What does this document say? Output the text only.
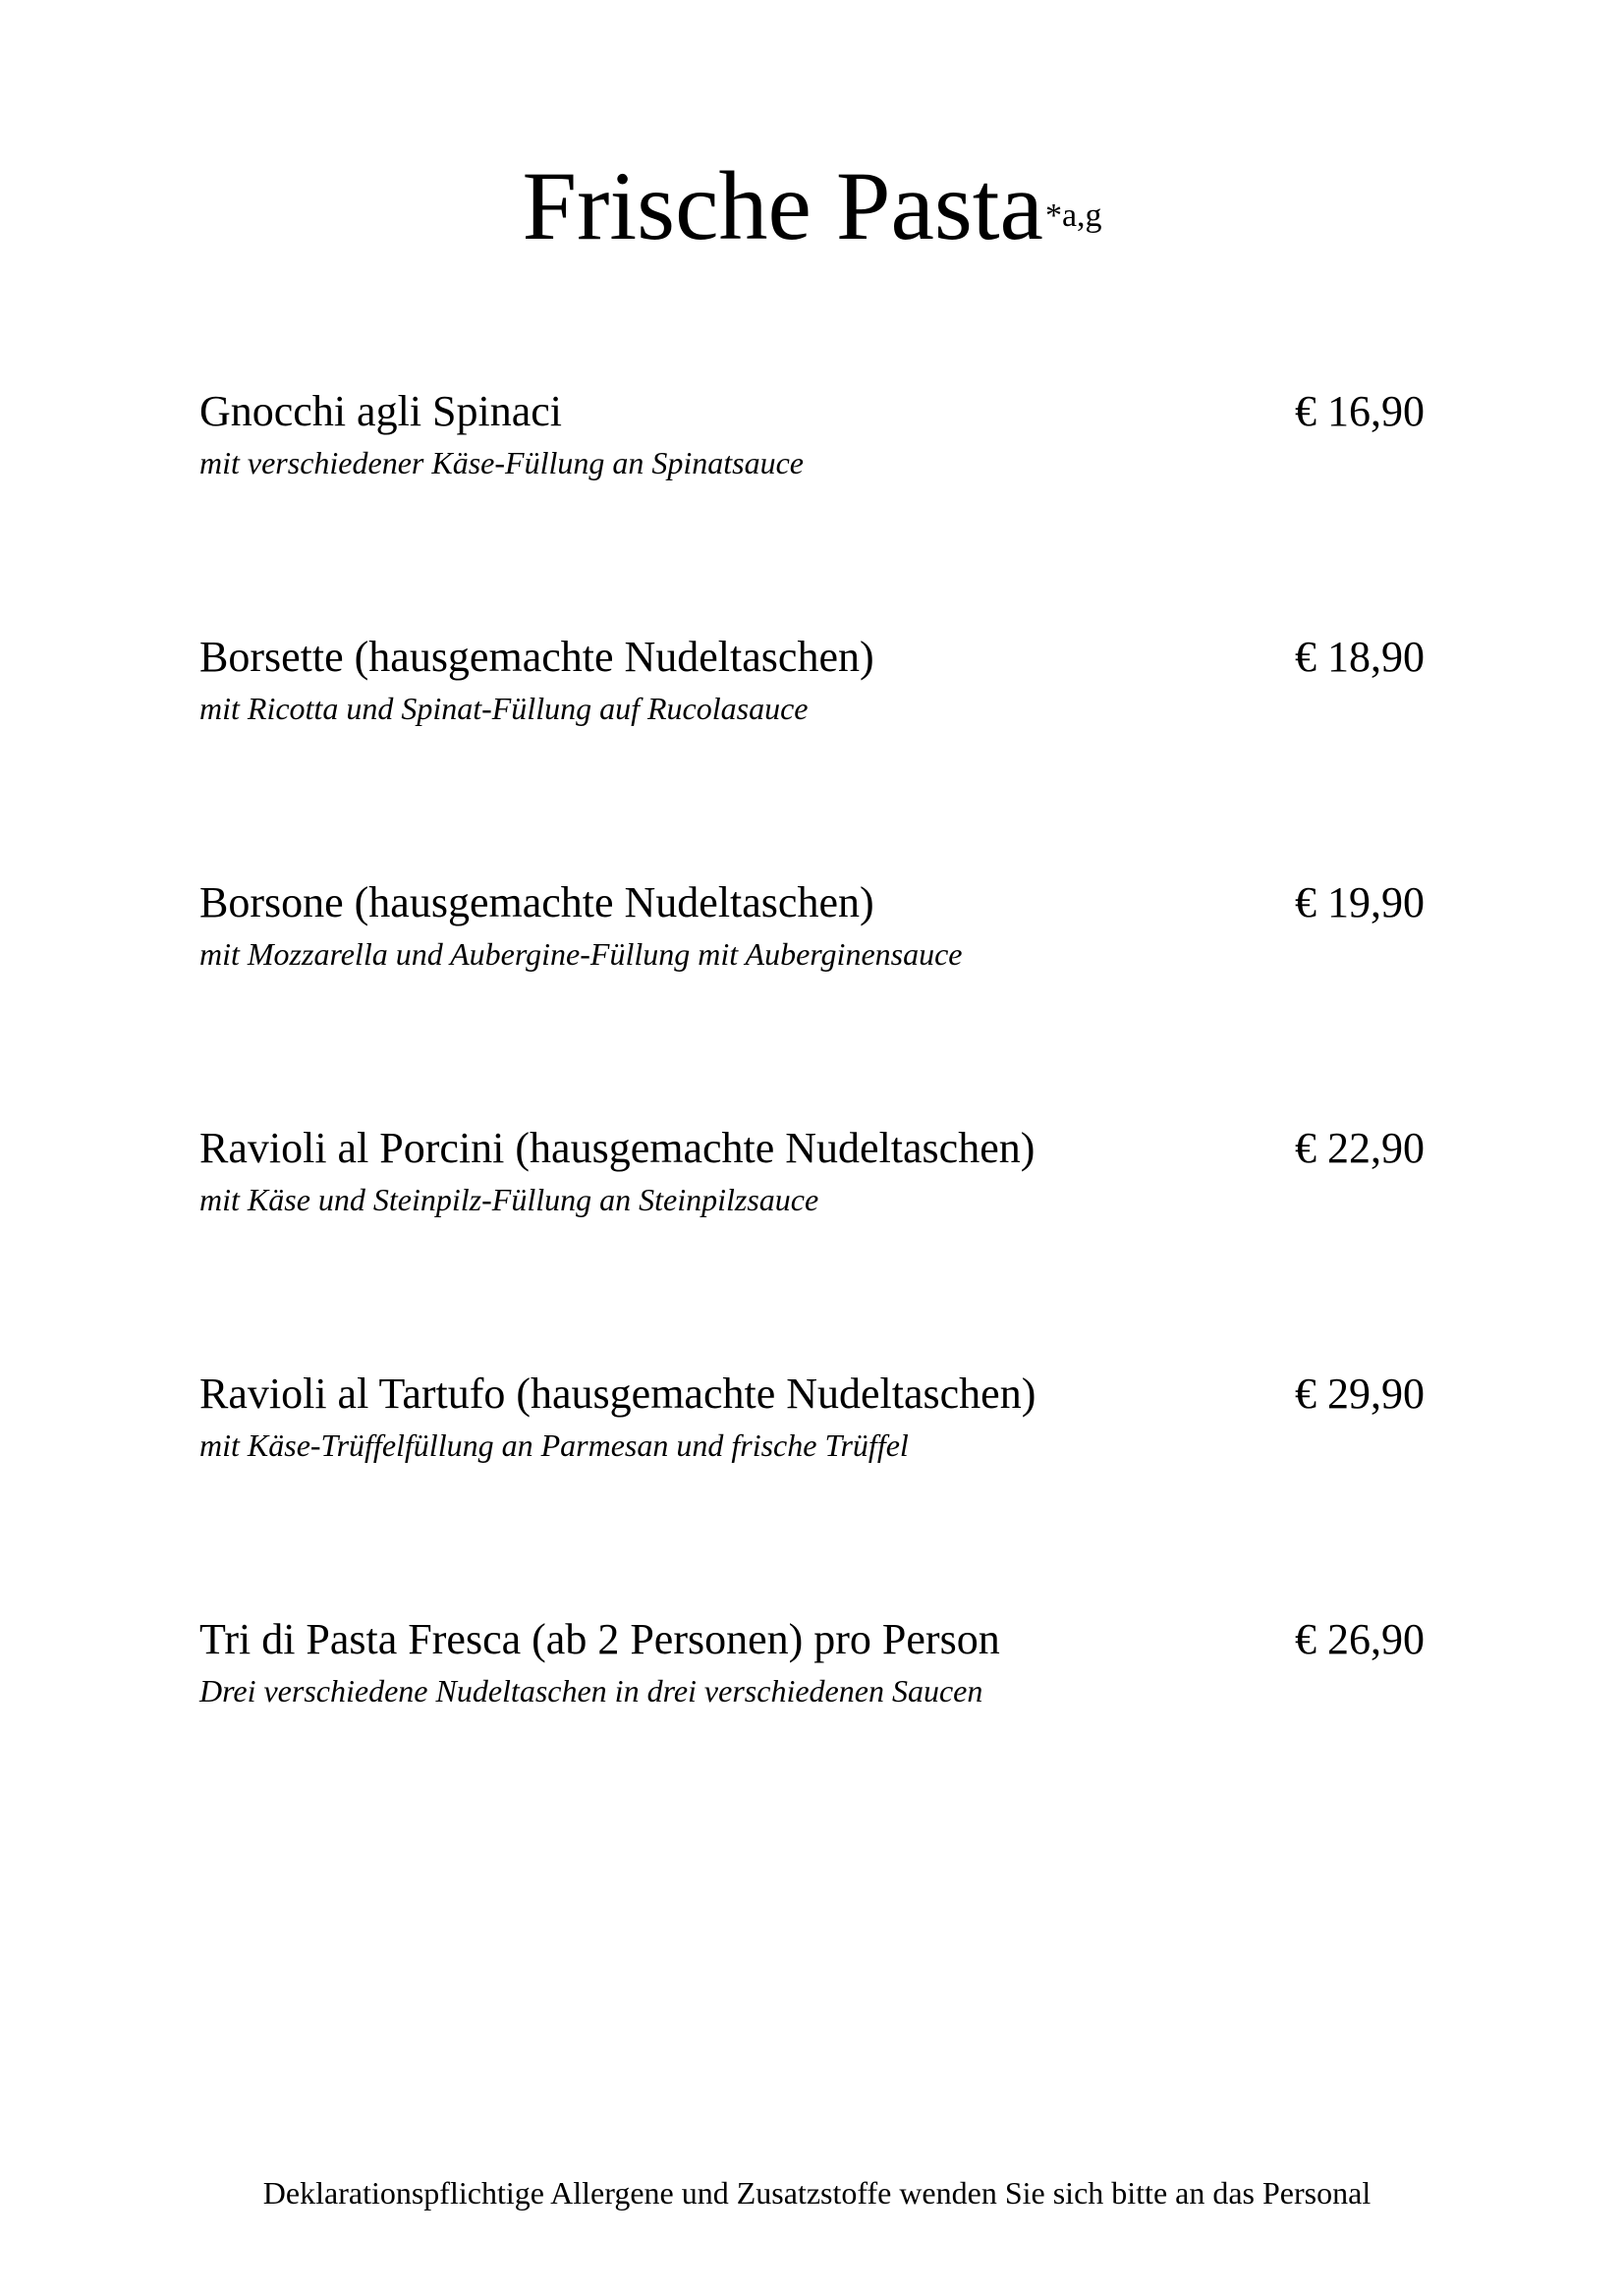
Frische Pasta$^{*a,g}$
Gnocchi agli Spinaci	€ 16,90
mit verschiedener Käse-Füllung an Spinatsauce
Borsette (hausgemachte Nudeltaschen)	€ 18,90
mit Ricotta und Spinat-Füllung auf Rucolasauce
Borsone (hausgemachte Nudeltaschen)	€ 19,90
mit Mozzarella und Aubergine-Füllung mit Auberginensauce
Ravioli al Porcini (hausgemachte Nudeltaschen)	€ 22,90
mit Käse und Steinpilz-Füllung an Steinpilzsauce
Ravioli al Tartufo (hausgemachte Nudeltaschen)	€ 29,90
mit Käse-Trüffelfüllung an Parmesan und frische Trüffel
Tri di Pasta Fresca (ab 2 Personen) pro Person	€ 26,90
Drei verschiedene Nudeltaschen in drei verschiedenen Saucen
Deklarationspflichtige Allergene und Zusatzstoffe wenden Sie sich bitte an das Personal
